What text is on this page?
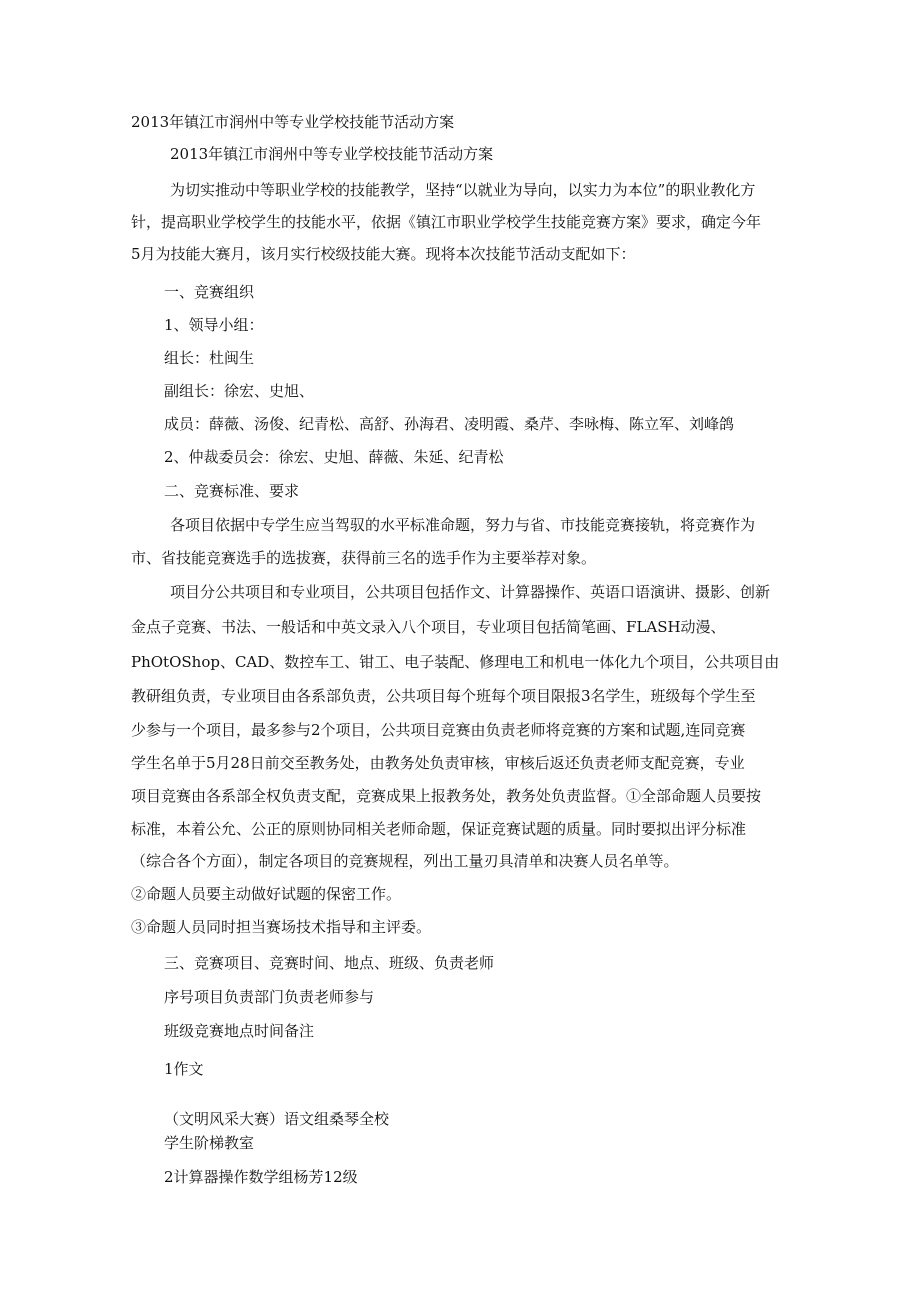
2013年镇江市润州中等专业学校技能节活动方案
2013年镇江市润州中等专业学校技能节活动方案
为切实推动中等职业学校的技能教学，坚持“以就业为导向，以实力为本位”的职业教化方
针，提高职业学校学生的技能水平，依据《镇江市职业学校学生技能竞赛方案》要求，确定今年
5月为技能大赛月，该月实行校级技能大赛。现将本次技能节活动支配如下：
一、竞赛组织
1、领导小组：
组长：杜闽生
副组长：徐宏、史旭、
成员：薛薇、汤俊、纪青松、高舒、孙海君、凌明霞、桑芹、李咏梅、陈立军、刘峰鸽
2、仲裁委员会：徐宏、史旭、薛薇、朱延、纪青松
二、竞赛标准、要求
各项目依据中专学生应当驾驭的水平标准命题，努力与省、市技能竞赛接轨，将竞赛作为
市、省技能竞赛选手的选拔赛，获得前三名的选手作为主要举荐对象。
项目分公共项目和专业项目，公共项目包括作文、计算器操作、英语口语演讲、摄影、创新
金点子竞赛、书法、一般话和中英文录入八个项目，专业项目包括简笔画、FLASH动漫、
PhOtOShop、CAD、数控车工、钳工、电子装配、修理电工和机电一体化九个项目，公共项目由
教研组负责，专业项目由各系部负责，公共项目每个班每个项目限报3名学生，班级每个学生至
少参与一个项目，最多参与2个项目，公共项目竞赛由负责老师将竞赛的方案和试题,连同竞赛
学生名单于5月28日前交至教务处，由教务处负责审核，审核后返还负责老师支配竞赛，专业
项目竞赛由各系部全权负责支配，竞赛成果上报教务处，教务处负责监督。①全部命题人员要按
标准，本着公允、公正的原则协同相关老师命题，保证竞赛试题的质量。同时要拟出评分标准
（综合各个方面），制定各项目的竞赛规程，列出工量刃具清单和决赛人员名单等。
②命题人员要主动做好试题的保密工作。
③命题人员同时担当赛场技术指导和主评委。
三、竞赛项目、竞赛时间、地点、班级、负责老师
序号项目负责部门负责老师参与
班级竞赛地点时间备注
1作文
（文明风采大赛）语文组桑琴全校
学生阶梯教室
2计算器操作数学组杨芳12级
